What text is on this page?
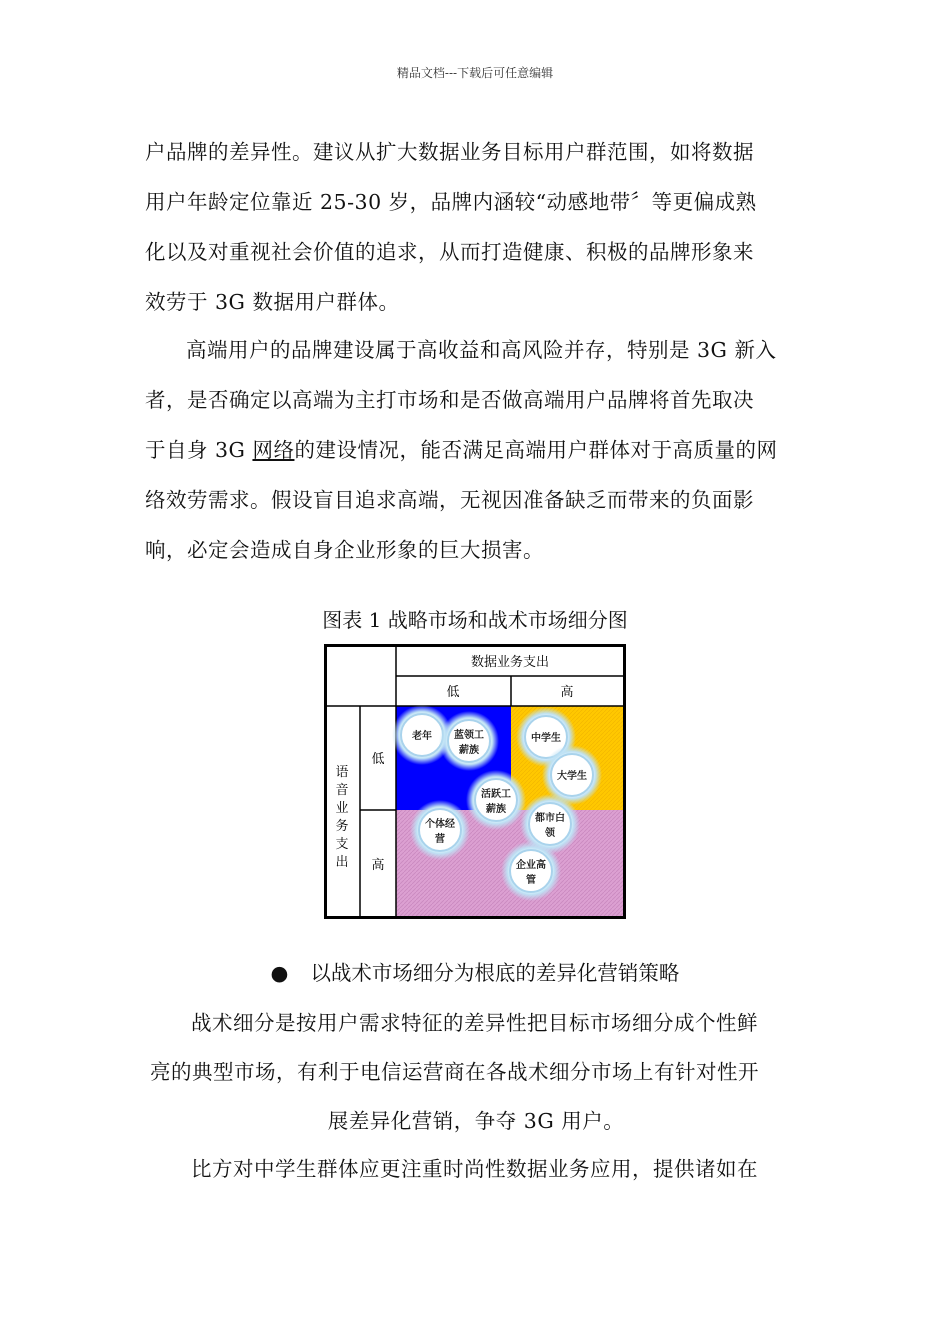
精品文档---下载后可任意编辑

户品牌的差异性。建议从扩大数据业务目标用户群范围，如将数据

用户年龄定位靠近 25-30 岁，品牌内涵较“动感地带〞等更偏成熟

化以及对重视社会价值的追求，从而打造健康、积极的品牌形象来

效劳于 3G 数据用户群体。

高端用户的品牌建设属于高收益和高风险并存，特别是 3G 新入

者，是否确定以高端为主打市场和是否做高端用户品牌将首先取决

于自身 3G 网络的建设情况，能否满足高端用户群体对于高质量的网

络效劳需求。假设盲目追求高端，无视因准备缺乏而带来的负面影

响，必定会造成自身企业形象的巨大损害。

图表 1 战略市场和战术市场细分图
数据业务支出
低	高
低
高
语
音
业
务
支
出
老年 蓝领工
薪族
中学生
大学生
活跃工
薪族
都市白
领
个体经
营
企业高
管
● 以战术市场细分为根底的差异化营销策略

战术细分是按用户需求特征的差异性把目标市场细分成个性鲜

亮的典型市场，有利于电信运营商在各战术细分市场上有针对性开

展差异化营销，争夺 3G 用户。

比方对中学生群体应更注重时尚性数据业务应用，提供诸如在
